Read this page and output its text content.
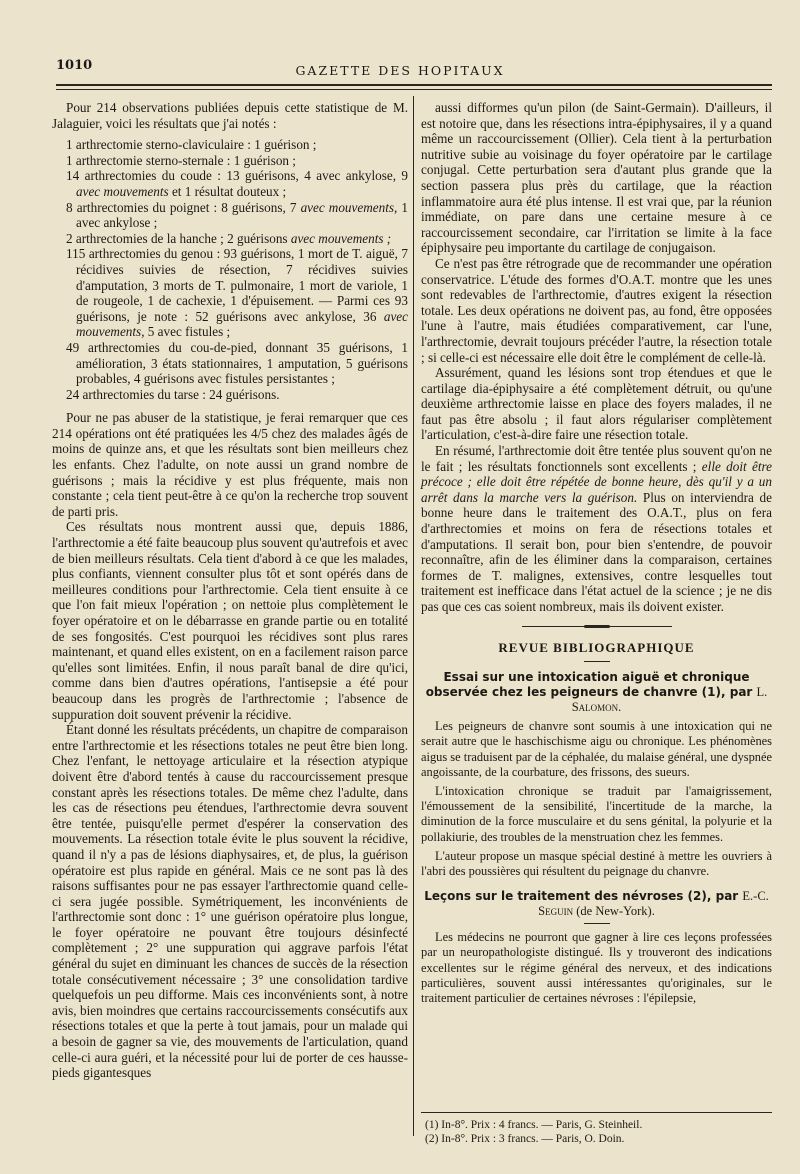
1010	GAZETTE DES HOPITAUX

Pour 214 observations publiées depuis cette statistique de M. Jalaguier, voici les résultats que j'ai notés :

1 arthrectomie sterno-claviculaire : 1 guérison ;

1 arthrectomie sterno-sternale : 1 guérison ;

14 arthrectomies du coude : 13 guérisons, 4 avec ankylose, 9 avec mouvements et 1 résultat douteux ;

8 arthrectomies du poignet : 8 guérisons, 7 avec mouvements, 1 avec ankylose ;

2 arthrectomies de la hanche ; 2 guérisons avec mouvements ;

115 arthrectomies du genou : 93 guérisons, 1 mort de T. aiguë, 7 récidives suivies de résection, 7 récidives suivies d'amputation, 3 morts de T. pulmonaire, 1 mort de variole, 1 de rougeole, 1 de cachexie, 1 d'épuisement. — Parmi ces 93 guérisons, je note : 52 guérisons avec ankylose, 36 avec mouvements, 5 avec fistules ;

49 arthrectomies du cou-de-pied, donnant 35 guérisons, 1 amélioration, 3 états stationnaires, 1 amputation, 5 guérisons probables, 4 guérisons avec fistules persistantes ;

24 arthrectomies du tarse : 24 guérisons.

Pour ne pas abuser de la statistique, je ferai remarquer que ces 214 opérations ont été pratiquées les 4/5 chez des malades âgés de moins de quinze ans, et que les résultats sont bien meilleurs chez les enfants. Chez l'adulte, on note aussi un grand nombre de guérisons ; mais la récidive y est plus fréquente, mais non constante ; cela tient peut-être à ce qu'on la recherche trop souvent de parti pris.

Ces résultats nous montrent aussi que, depuis 1886, l'arthrectomie a été faite beaucoup plus souvent qu'autrefois et avec de bien meilleurs résultats. Cela tient d'abord à ce que les malades, plus confiants, viennent consulter plus tôt et sont opérés dans de meilleures conditions pour l'arthrectomie. Cela tient ensuite à ce que l'on fait mieux l'opération ; on nettoie plus complètement le foyer opératoire et on le débarrasse en grande partie ou en totalité de ses fongosités. C'est pourquoi les récidives sont plus rares maintenant, et quand elles existent, on en a facilement raison parce qu'elles sont limitées. Enfin, il nous paraît banal de dire qu'ici, comme dans bien d'autres opérations, l'antisepsie a été pour beaucoup dans les progrès de l'arthrectomie ; l'absence de suppuration doit souvent prévenir la récidive.

Étant donné les résultats précédents, un chapitre de comparaison entre l'arthrectomie et les résections totales ne peut être bien long. Chez l'enfant, le nettoyage articulaire et la résection atypique doivent être d'abord tentés à cause du raccourcissement presque constant après les résections totales. De même chez l'adulte, dans les cas de résections peu étendues, l'arthrectomie devra souvent être tentée, puisqu'elle permet d'espérer la conservation des mouvements. La résection totale évite le plus souvent la récidive, quand il n'y a pas de lésions diaphysaires, et, de plus, la guérison opératoire est plus rapide en général. Mais ce ne sont pas là des raisons suffisantes pour ne pas essayer l'arthrectomie quand celle-ci sera jugée possible. Symétriquement, les inconvénients de l'arthrectomie sont donc : 1° une guérison opératoire plus longue, le foyer opératoire ne pouvant être toujours désinfecté complètement ; 2° une suppuration qui aggrave parfois l'état général du sujet en diminuant les chances de succès de la résection totale consécutivement nécessaire ; 3° une consolidation tardive quelquefois un peu difforme. Mais ces inconvénients sont, à notre avis, bien moindres que certains raccourcissements consécutifs aux résections totales et que la perte à tout jamais, pour un malade qui a besoin de gagner sa vie, des mouvements de l'articulation, quand celle-ci aura guéri, et la nécessité pour lui de porter de ces hausse-pieds gigantesques

aussi difformes qu'un pilon (de Saint-Germain). D'ailleurs, il est notoire que, dans les résections intra-épiphysaires, il y a quand même un raccourcissement (Ollier). Cela tient à la perturbation nutritive subie au voisinage du foyer opératoire par le cartilage conjugal. Cette perturbation sera d'autant plus grande que la section passera plus près du cartilage, que la réaction inflammatoire aura été plus intense. Il est vrai que, par la réunion immédiate, on pare dans une certaine mesure à ce raccourcissement secondaire, car l'irritation se limite à la face épiphysaire peu importante du cartilage de conjugaison.

Ce n'est pas être rétrograde que de recommander une opération conservatrice. L'étude des formes d'O.A.T. montre que les unes sont redevables de l'arthrectomie, d'autres exigent la résection totale. Les deux opérations ne doivent pas, au fond, être opposées l'une à l'autre, mais étudiées comparativement, car l'une, l'arthrectomie, devrait toujours précéder l'autre, la résection totale ; si celle-ci est nécessaire elle doit être le complément de celle-là.

Assurément, quand les lésions sont trop étendues et que le cartilage dia-épiphysaire a été complètement détruit, ou qu'une deuxième arthrectomie laisse en place des foyers malades, il ne faut pas être absolu ; il faut alors régulariser complètement l'articulation, c'est-à-dire faire une résection totale.

En résumé, l'arthrectomie doit être tentée plus souvent qu'on ne le fait ; les résultats fonctionnels sont excellents ; elle doit être précoce ; elle doit être répétée de bonne heure, dès qu'il y a un arrêt dans la marche vers la guérison. Plus on interviendra de bonne heure dans le traitement des O.A.T., plus on fera d'arthrectomies et moins on fera de résections totales et d'amputations. Il serait bon, pour bien s'entendre, de pouvoir reconnaître, afin de les éliminer dans la comparaison, certaines formes de T. malignes, extensives, contre lesquelles tout traitement est inefficace dans l'état actuel de la science ; je ne dis pas que ces cas soient nombreux, mais ils doivent exister.

REVUE BIBLIOGRAPHIQUE
Essai sur une intoxication aiguë et chronique observée chez les peigneurs de chanvre (1), par L. Salomon.

Les peigneurs de chanvre sont soumis à une intoxication qui ne serait autre que le haschischisme aigu ou chronique. Les phénomènes aigus se traduisent par de la céphalée, du malaise général, une dyspnée angoissante, de la courbature, des frissons, des sueurs.

L'intoxication chronique se traduit par l'amaigrissement, l'émoussement de la sensibilité, l'incertitude de la marche, la diminution de la force musculaire et du sens génital, la polyurie et la pollakiurie, des troubles de la menstruation chez les femmes.

L'auteur propose un masque spécial destiné à mettre les ouvriers à l'abri des poussières qui résultent du peignage du chanvre.

Leçons sur le traitement des névroses (2), par E.-C. Seguin (de New-York).

Les médecins ne pourront que gagner à lire ces leçons professées par un neuropathologiste distingué. Ils y trouveront des indications excellentes sur le régime général des nerveux, et des indications particulières, souvent aussi intéressantes qu'originales, sur le traitement particulier de certaines névroses : l'épilepsie,

(1) In-8°. Prix : 4 francs. — Paris, G. Steinheil.
(2) In-8°. Prix : 3 francs. — Paris, O. Doin.
